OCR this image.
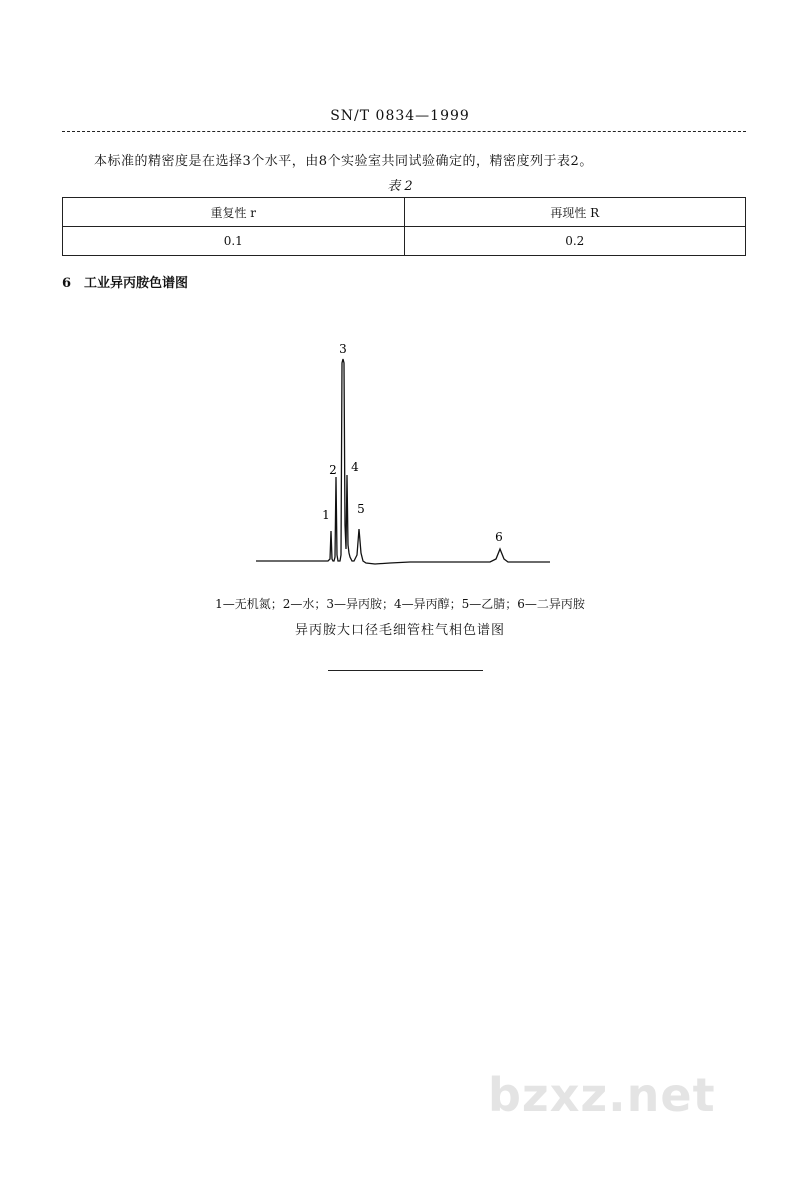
SN/T 0834—1999
本标准的精密度是在选择3个水平，由8个实验室共同试验确定的，精密度列于表2。
表 2
重复性 r	再现性 R
0.1	0.2
6 工业异丙胺色谱图
1
2
3
4
5
6
1—无机氮；2—水；3—异丙胺；4—异丙醇；5—乙腈；6—二异丙胺
异丙胺大口径毛细管柱气相色谱图
bzxz.net
